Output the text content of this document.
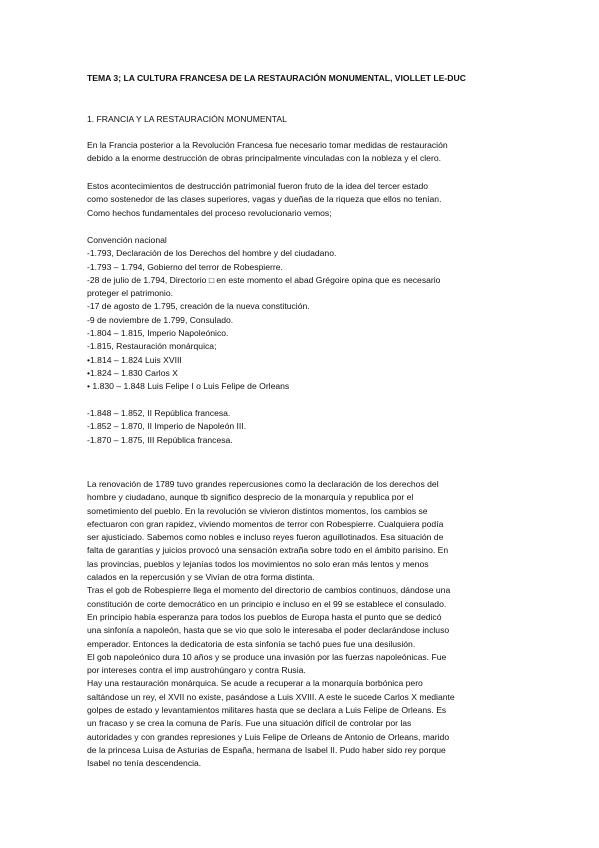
TEMA 3; LA CULTURA FRANCESA DE LA RESTAURACIÓN MONUMENTAL, VIOLLET LE-DUC
1. FRANCIA Y LA RESTAURACIÓN MONUMENTAL
En la Francia posterior a la Revolución Francesa fue necesario tomar medidas de restauración
debido a la enorme destrucción de obras principalmente vinculadas con la nobleza y el clero.
Estos acontecimientos de destrucción patrimonial fueron fruto de la idea del tercer estado
como sostenedor de las clases superiores, vagas y dueñas de la riqueza que ellos no tenían.
Como hechos fundamentales del proceso revolucionario vemos;
Convención nacional
-1.793, Declaración de los Derechos del hombre y del ciudadano.
-1.793 – 1.794, Gobierno del terror de Robespierre.
-28 de julio de 1.794, Directorio □ en este momento el abad Grégoire opina que es necesario
proteger el patrimonio.
-17 de agosto de 1.795, creación de la nueva constitución.
-9 de noviembre de 1.799, Consulado.
-1.804 – 1.815, Imperio Napoleónico.
-1.815, Restauración monárquica;
•1.814 – 1.824 Luis XVIII
•1.824 – 1.830 Carlos X
• 1.830 – 1.848 Luis Felipe I o Luis Felipe de Orleans
-1.848 – 1.852, II República francesa.
-1.852 – 1.870, II Imperio de Napoleón III.
-1.870 – 1.875, III República francesa.
La renovación de 1789 tuvo grandes repercusiones como la declaración de los derechos del
hombre y ciudadano, aunque tb significo desprecio de la monarquía y republica por el
sometimiento del pueblo. En la revolución se vivieron distintos momentos, los cambios se
efectuaron con gran rapidez, viviendo momentos de terror con Robespierre. Cualquiera podía
ser ajusticiado. Sabemos como nobles e incluso reyes fueron aguillotinados. Esa situación de
falta de garantías y juicios provocó una sensación extraña sobre todo en el ámbito parisino. En
las provincias, pueblos y lejanías todos los movimientos no solo eran más lentos y menos
calados en la repercusión y se Vivían de otra forma distinta.
Tras el gob de Robespierre llega el momento del directorio de cambios continuos, dándose una
constitución de corte democrático en un principio e incluso en el 99 se establece el consulado.
En principio había esperanza para todos los pueblos de Europa hasta el punto que se dedicó
una sinfonía a napoleón, hasta que se vio que solo le interesaba el poder declarándose incluso
emperador. Entonces la dedicatoria de esta sinfonía se tachó pues fue una desilusión.
El gob napoleónico dura 10 años y se produce una invasión por las fuerzas napoleónicas. Fue
por intereses contra el imp austrohúngaro y contra Rusia.
Hay una restauración monárquica. Se acude a recuperar a la monarquía borbónica pero
saltándose un rey, el XVII no existe, pasándose a Luis XVIII. A este le sucede Carlos X mediante
golpes de estado y levantamientos militares hasta que se declara a Luis Felipe de Orleans. Es
un fracaso y se crea la comuna de París. Fue una situación difícil de controlar por las
autoridades y con grandes represiones y Luis Felipe de Orleans de Antonio de Orleans, marido
de la princesa Luisa de Asturias de España, hermana de Isabel II. Pudo haber sido rey porque
Isabel no tenía descendencia.
